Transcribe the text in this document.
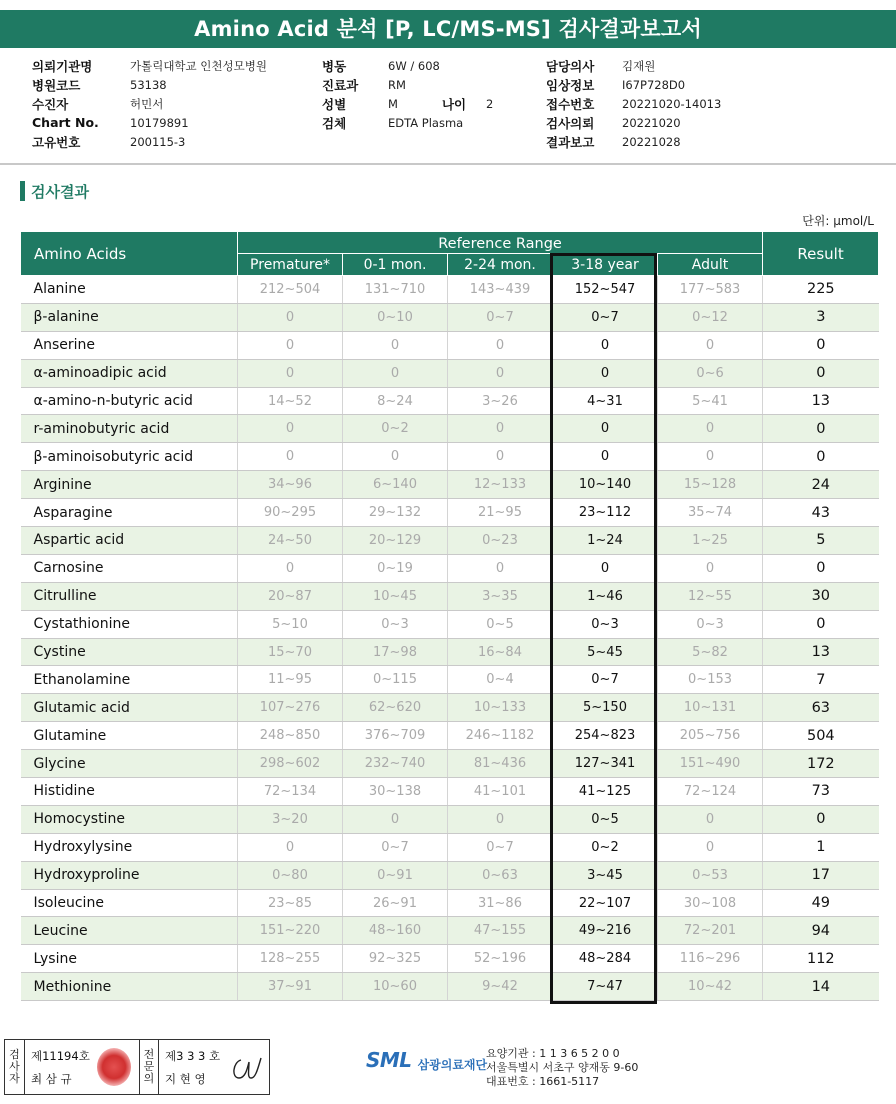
Amino Acid 분석 [P, LC/MS-MS] 검사결과보고서
의뢰기관명	가톨릭대학교 인천성모병원
병원코드	53138
수진자	허민서
Chart No.	10179891
고유번호	200115-3
병동	6W / 608
진료과	RM
성별	M	나이	2
검체	EDTA Plasma
담당의사	김재원
임상정보	I67P728D0
접수번호	20221020-14013
검사의뢰	20221020
결과보고	20221028
검사결과
단위: μmol/L
Amino Acids	Reference Range					Result
	Premature*	0-1 mon.	2-24 mon.	3-18 year	Adult	
Alanine	212~504	131~710	143~439	152~547	177~583	225
β-alanine	0	0~10	0~7	0~7	0~12	3
Anserine	0	0	0	0	0	0
α-aminoadipic acid	0	0	0	0	0~6	0
α-amino-n-butyric acid	14~52	8~24	3~26	4~31	5~41	13
r-aminobutyric acid	0	0~2	0	0	0	0
β-aminoisobutyric acid	0	0	0	0	0	0
Arginine	34~96	6~140	12~133	10~140	15~128	24
Asparagine	90~295	29~132	21~95	23~112	35~74	43
Aspartic acid	24~50	20~129	0~23	1~24	1~25	5
Carnosine	0	0~19	0	0	0	0
Citrulline	20~87	10~45	3~35	1~46	12~55	30
Cystathionine	5~10	0~3	0~5	0~3	0~3	0
Cystine	15~70	17~98	16~84	5~45	5~82	13
Ethanolamine	11~95	0~115	0~4	0~7	0~153	7
Glutamic acid	107~276	62~620	10~133	5~150	10~131	63
Glutamine	248~850	376~709	246~1182	254~823	205~756	504
Glycine	298~602	232~740	81~436	127~341	151~490	172
Histidine	72~134	30~138	41~101	41~125	72~124	73
Homocystine	3~20	0	0	0~5	0	0
Hydroxylysine	0	0~7	0~7	0~2	0	1
Hydroxyproline	0~80	0~91	0~63	3~45	0~53	17
Isoleucine	23~85	26~91	31~86	22~107	30~108	49
Leucine	151~220	48~160	47~155	49~216	72~201	94
Lysine	128~255	92~325	52~196	48~284	116~296	112
Methionine	37~91	10~60	9~42	7~47	10~42	14
검
사
자
제11194호
최 삼 규
전
문
의
제3 3 3 호
지 현 영
SML 삼광의료재단
요양기관 : 1 1 3 6 5 2 0 0
서울특별시 서초구 양재동 9-60
대표번호 : 1661-5117
